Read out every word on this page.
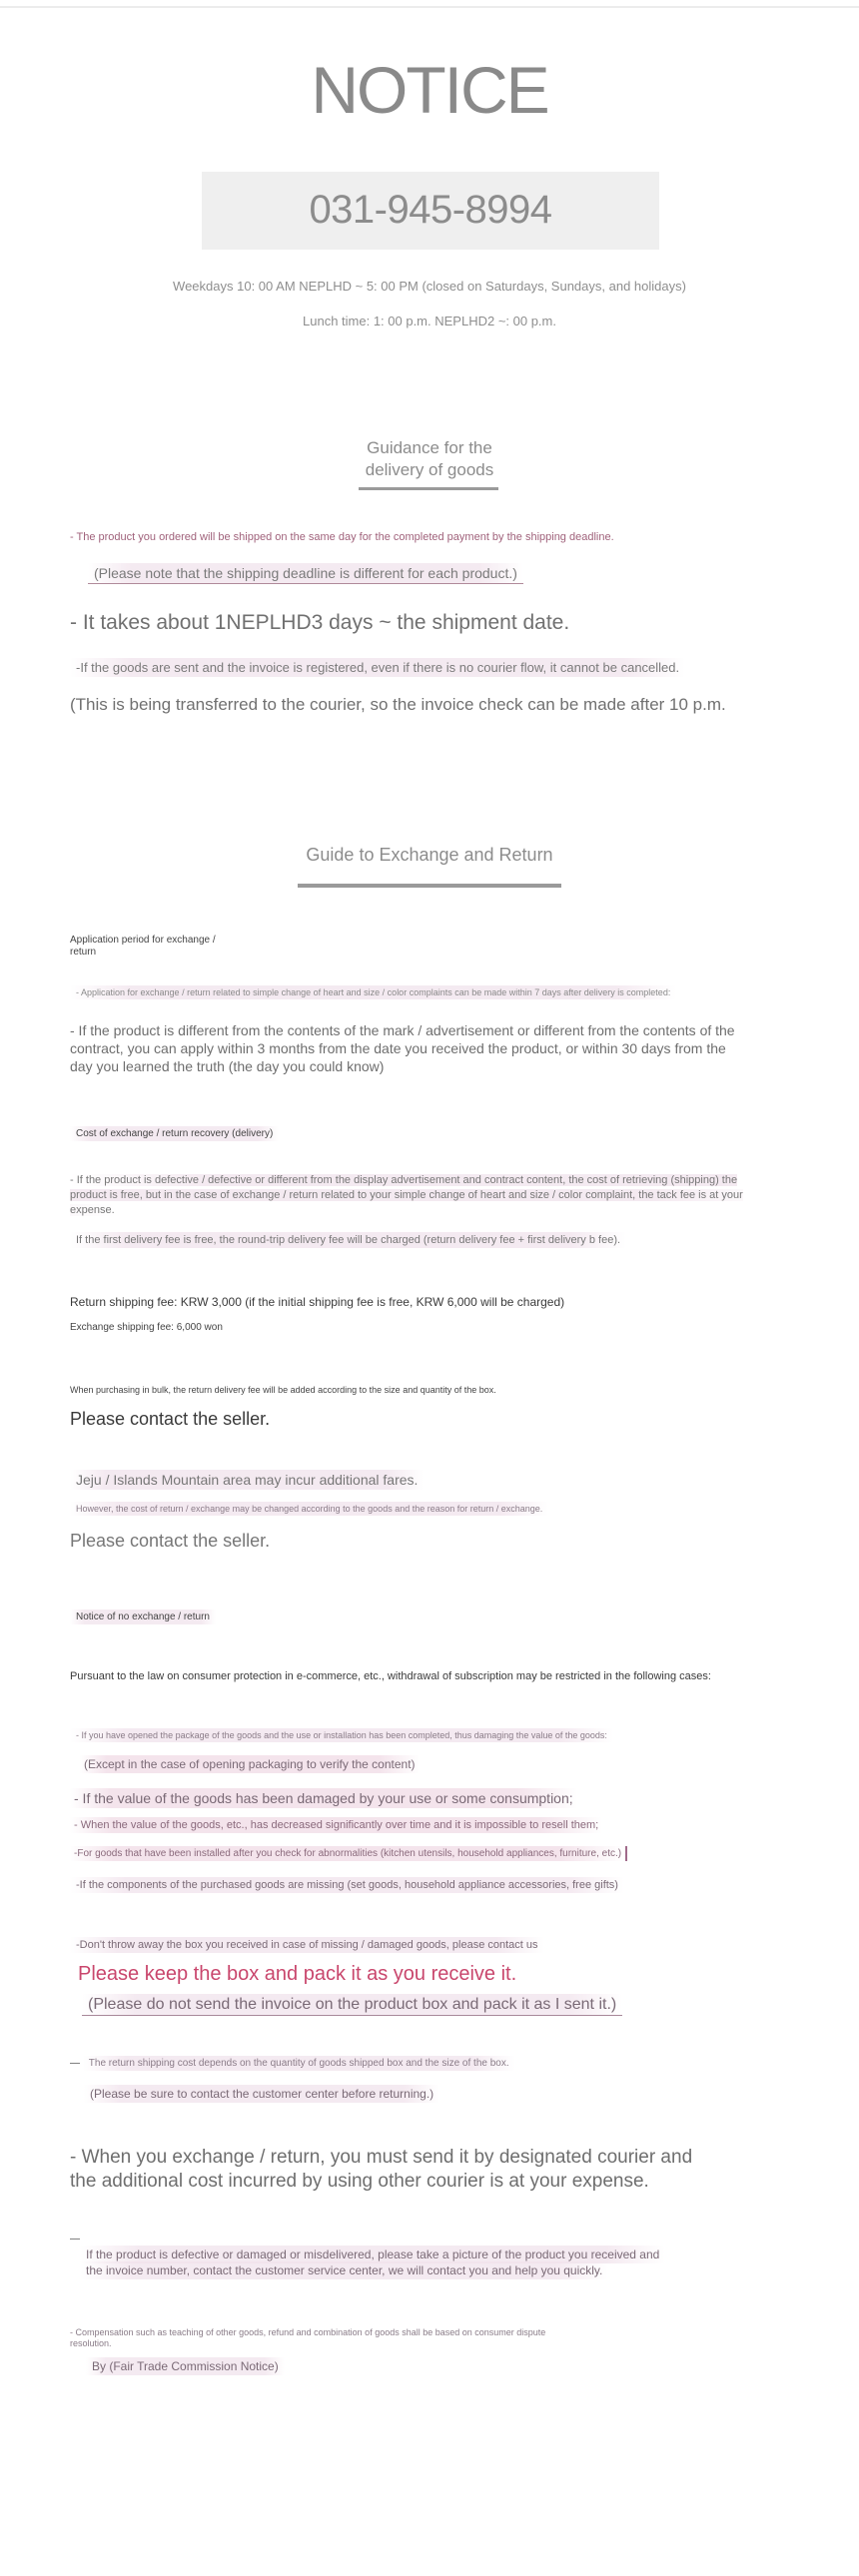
NOTICE
031-945-8994
Weekdays 10: 00 AM NEPLHD ~ 5: 00 PM (closed on Saturdays, Sundays, and holidays)
Lunch time: 1: 00 p.m. NEPLHD2 ~: 00 p.m.
Guidance for the
delivery of goods
- The product you ordered will be shipped on the same day for the completed payment by the shipping deadline.
(Please note that the shipping deadline is different for each product.)
- It takes about 1NEPLHD3 days ~ the shipment date.
-If the goods are sent and the invoice is registered, even if there is no courier flow, it cannot be cancelled.
(This is being transferred to the courier, so the invoice check can be made after 10 p.m.
Guide to Exchange and Return
Application period for exchange /
return
- Application for exchange / return related to simple change of heart and size / color complaints can be made within 7 days after delivery is completed:
- If the product is different from the contents of the mark / advertisement or different from the contents of the contract, you can apply within 3 months from the date you received the product, or within 30 days from the day you learned the truth (the day you could know)
Cost of exchange / return recovery (delivery)
- If the product is defective / defective or different from the display advertisement and contract content, the cost of retrieving (shipping) the product is free, but in the case of exchange / return related to your simple change of heart and size / color complaint, the tack fee is at your expense.
If the first delivery fee is free, the round-trip delivery fee will be charged (return delivery fee + first delivery b fee).
Return shipping fee: KRW 3,000 (if the initial shipping fee is free, KRW 6,000 will be charged)
Exchange shipping fee: 6,000 won
When purchasing in bulk, the return delivery fee will be added according to the size and quantity of the box.
Please contact the seller.
Jeju / Islands Mountain area may incur additional fares.
However, the cost of return / exchange may be changed according to the goods and the reason for return / exchange.
Please contact the seller.
Notice of no exchange / return
Pursuant to the law on consumer protection in e-commerce, etc., withdrawal of subscription may be restricted in the following cases:
- If you have opened the package of the goods and the use or installation has been completed, thus damaging the value of the goods:
(Except in the case of opening packaging to verify the content)
- If the value of the goods has been damaged by your use or some consumption;
- When the value of the goods, etc., has decreased significantly over time and it is impossible to resell them;
-For goods that have been installed after you check for abnormalities (kitchen utensils, household appliances, furniture, etc.)
-If the components of the purchased goods are missing (set goods, household appliance accessories, free gifts)
-Don't throw away the box you received in case of missing / damaged goods, please contact us
Please keep the box and pack it as you receive it.
(Please do not send the invoice on the product box and pack it as I sent it.)
— The return shipping cost depends on the quantity of goods shipped box and the size of the box.
(Please be sure to contact the customer center before returning.)
- When you exchange / return, you must send it by designated courier and
the additional cost incurred by using other courier is at your expense.
—
If the product is defective or damaged or misdelivered, please take a picture of the product you received and
the invoice number, contact the customer service center, we will contact you and help you quickly.
- Compensation such as teaching of other goods, refund and combination of goods shall be based on consumer dispute
resolution.
By (Fair Trade Commission Notice)
